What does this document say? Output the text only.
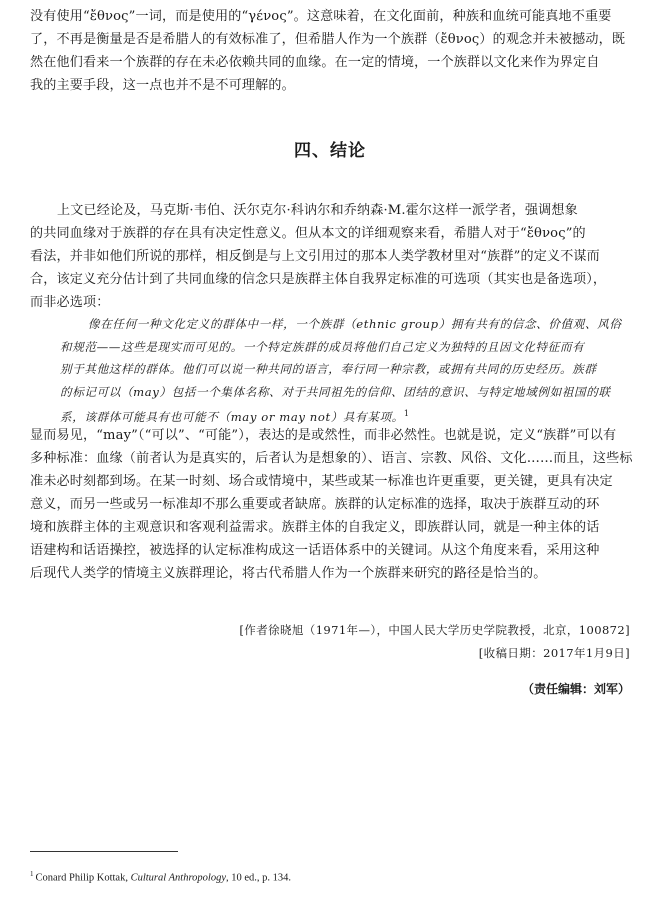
没有使用“ἔθνος”一词，而是使用的“γένος”。这意味着，在文化面前，种族和血统可能真地不重要
了，不再是衡量是否是希腊人的有效标准了，但希腊人作为一个族群（ἔθνος）的观念并未被撼动，既
然在他们看来一个族群的存在未必依赖共同的血缘。在一定的情境，一个族群以文化来作为界定自
我的主要手段，这一点也并不是不可理解的。
四、结论
上文已经论及，马克斯·韦伯、沃尔克尔·科讷尔和乔纳森·M.霍尔这样一派学者，强调想象
的共同血缘对于族群的存在具有决定性意义。但从本文的详细观察来看，希腊人对于“ἔθνος”的
看法，并非如他们所说的那样，相反倒是与上文引用过的那本人类学教材里对“族群”的定义不谋而
合，该定义充分估计到了共同血缘的信念只是族群主体自我界定标准的可选项（其实也是备选项），
而非必选项：
像在任何一种文化定义的群体中一样，一个族群（ethnic group）拥有共有的信念、价值观、风俗
和规范——这些是现实而可见的。一个特定族群的成员将他们自己定义为独特的且因文化特征而有
别于其他这样的群体。他们可以说一种共同的语言，奉行同一种宗教，或拥有共同的历史经历。族群
的标记可以（may）包括一个集体名称、对于共同祖先的信仰、团结的意识、与特定地域例如祖国的联
系，该群体可能具有也可能不（may or may not）具有某项。$^1$
显而易见，“may”（“可以”、“可能”），表达的是或然性，而非必然性。也就是说，定义“族群”可以有
多种标准：血缘（前者认为是真实的，后者认为是想象的）、语言、宗教、风俗、文化……而且，这些标
准未必时刻都到场。在某一时刻、场合或情境中，某些或某一标准也许更重要，更关键，更具有决定
意义，而另一些或另一标准却不那么重要或者缺席。族群的认定标准的选择，取决于族群互动的环
境和族群主体的主观意识和客观利益需求。族群主体的自我定义，即族群认同，就是一种主体的话
语建构和话语操控，被选择的认定标准构成这一话语体系中的关键词。从这个角度来看，采用这种
后现代人类学的情境主义族群理论，将古代希腊人作为一个族群来研究的路径是恰当的。
[作者徐晓旭（1971年—），中国人民大学历史学院教授，北京，100872]
[收稿日期：2017年1月9日]
（责任编辑：刘军）
$^1$ Conard Philip Kottak, Cultural Anthropology, 10 ed., p. 134.
